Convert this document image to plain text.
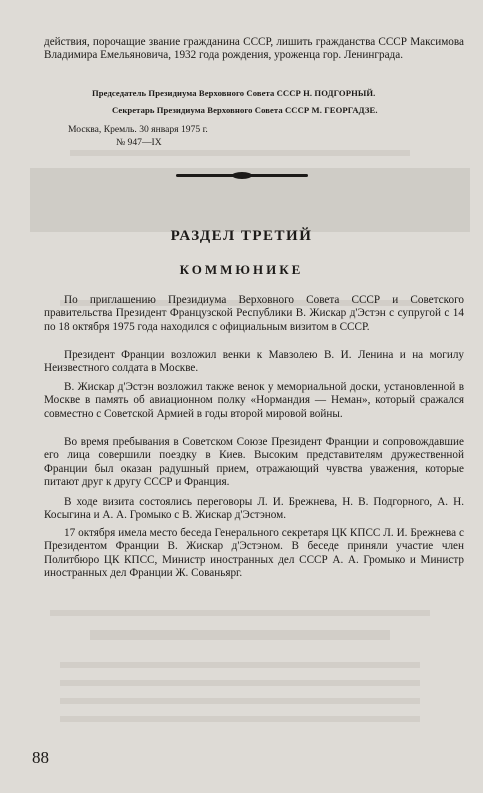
действия, порочащие звание гражданина СССР, лишить гражданства СССР Максимова Владимира Емельяновича, 1932 года рождения, уроженца гор. Ленинграда.

Председатель Президиума Верховного Совета СССР Н. ПОДГОРНЫЙ.
Секретарь Президиума Верховного Совета СССР М. ГЕОРГАДЗЕ.
Москва, Кремль. 30 января 1975 г.
№ 947—IX
РАЗДЕЛ ТРЕТИЙ
КОММЮНИКЕ

По приглашению Президиума Верховного Совета СССР и Советского правительства Президент Французской Республики В. Жискар д'Эстэн с супругой с 14 по 18 октября 1975 года находился с официальным визитом в СССР.

Президент Франции возложил венки к Мавзолею В. И. Ленина и на могилу Неизвестного солдата в Москве.

В. Жискар д'Эстэн возложил также венок у мемориальной доски, установленной в Москве в память об авиационном полку «Нормандия — Неман», который сражался совместно с Советской Армией в годы второй мировой войны.

Во время пребывания в Советском Союзе Президент Франции и сопровождавшие его лица совершили поездку в Киев. Высоким представителям дружественной Франции был оказан радушный прием, отражающий чувства уважения, которые питают друг к другу СССР и Франция.

В ходе визита состоялись переговоры Л. И. Брежнева, Н. В. Подгорного, А. Н. Косыгина и А. А. Громыко с В. Жискар д'Эстэном.

17 октября имела место беседа Генерального секретаря ЦК КПСС Л. И. Брежнева с Президентом Франции В. Жискар д'Эстэном. В беседе приняли участие член Политбюро ЦК КПСС, Министр иностранных дел СССР А. А. Громыко и Министр иностранных дел Франции Ж. Сованьярг.

88
